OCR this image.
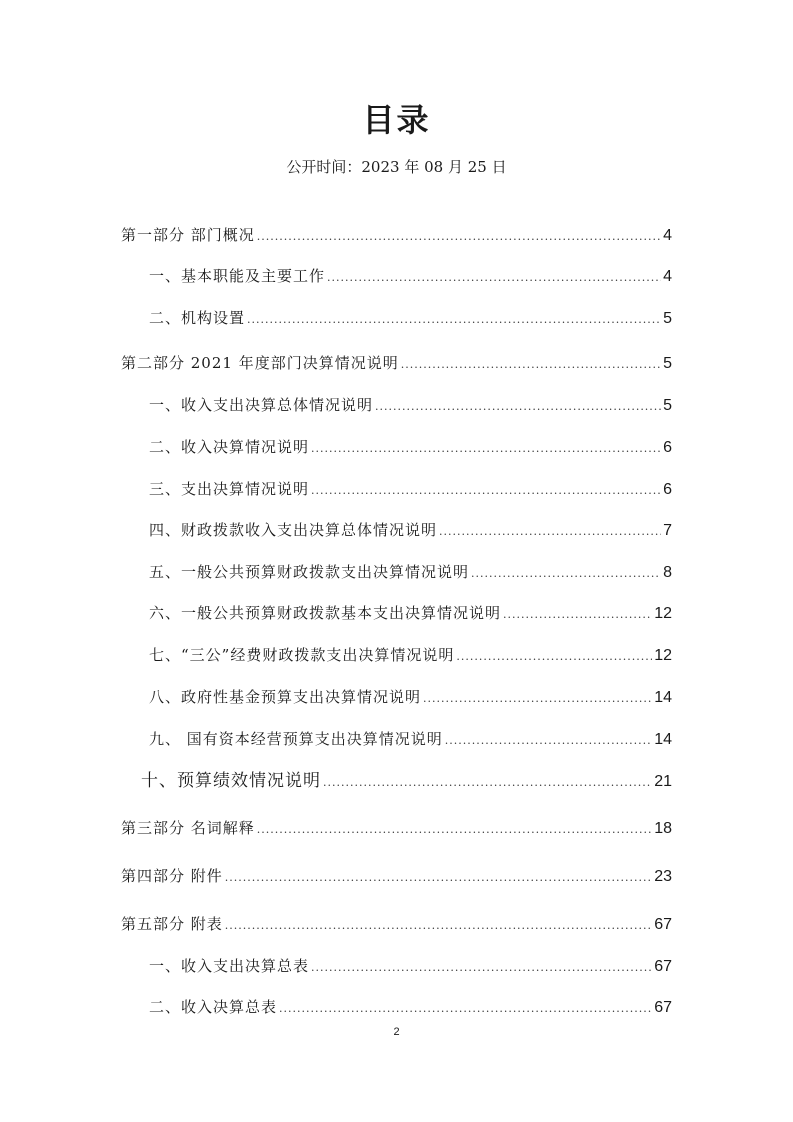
目录
公开时间：2023 年 08 月 25 日
第一部分 部门概况 .....	4
一、基本职能及主要工作 .....	4
二、机构设置 .....	5
第二部分 2021 年度部门决算情况说明 .....	5
一、收入支出决算总体情况说明 .....	5
二、收入决算情况说明 .....	6
三、支出决算情况说明 .....	6
四、财政拨款收入支出决算总体情况说明 .....	7
五、一般公共预算财政拨款支出决算情况说明 .....	8
六、一般公共预算财政拨款基本支出决算情况说明 .....	12
七、“三公”经费财政拨款支出决算情况说明 .....	12
八、政府性基金预算支出决算情况说明 .....	14
九、 国有资本经营预算支出决算情况说明 .....	14
十、预算绩效情况说明 .....	21
第三部分 名词解释 .....	18
第四部分 附件 .....	23
第五部分 附表 .....	67
一、收入支出决算总表 .....	67
二、收入决算总表 .....	67
2
